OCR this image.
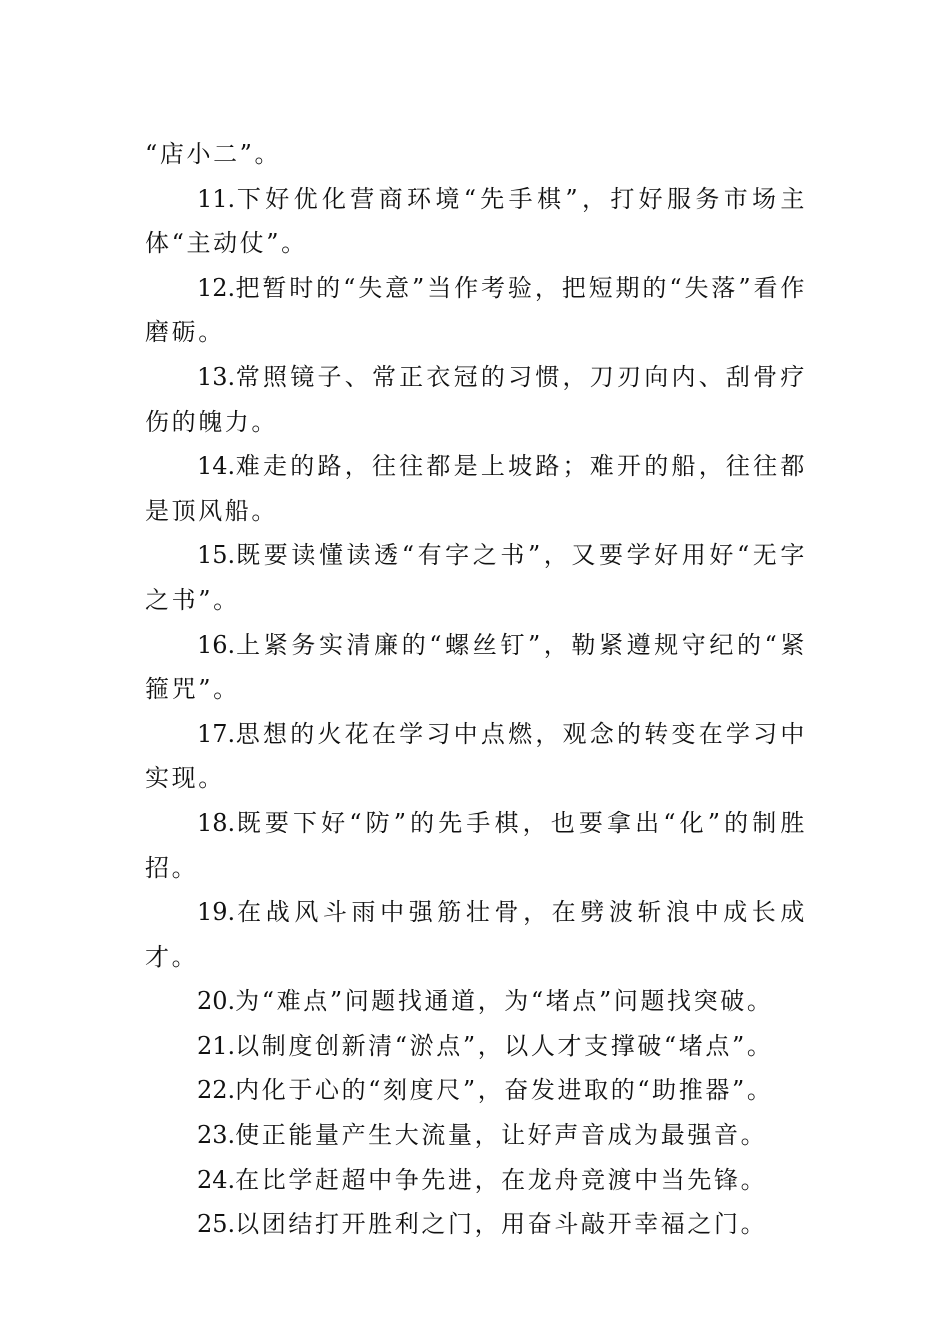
“店小二”。

11.下好优化营商环境“先手棋”，打好服务市场主体“主动仗”。

12.把暂时的“失意”当作考验，把短期的“失落”看作磨砺。

13.常照镜子、常正衣冠的习惯，刀刃向内、刮骨疗伤的魄力。

14.难走的路，往往都是上坡路；难开的船，往往都是顶风船。

15.既要读懂读透“有字之书”，又要学好用好“无字之书”。

16.上紧务实清廉的“螺丝钉”，勒紧遵规守纪的“紧箍咒”。

17.思想的火花在学习中点燃，观念的转变在学习中实现。

18.既要下好“防”的先手棋，也要拿出“化”的制胜招。

19.在战风斗雨中强筋壮骨，在劈波斩浪中成长成才。

20.为“难点”问题找通道，为“堵点”问题找突破。

21.以制度创新清“淤点”，以人才支撑破“堵点”。

22.内化于心的“刻度尺”，奋发进取的“助推器”。

23.使正能量产生大流量，让好声音成为最强音。

24.在比学赶超中争先进，在龙舟竞渡中当先锋。

25.以团结打开胜利之门，用奋斗敲开幸福之门。
